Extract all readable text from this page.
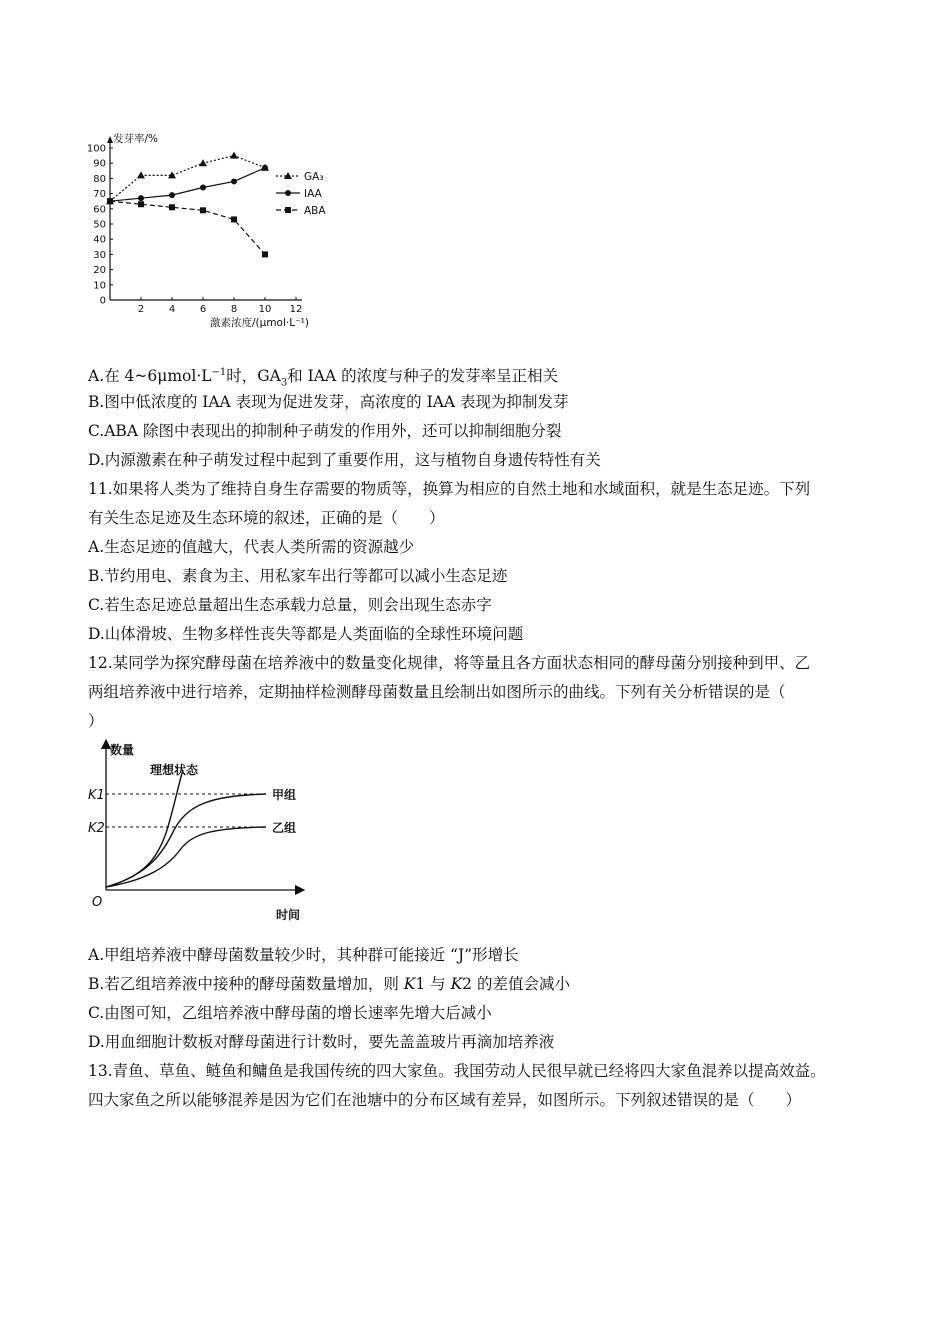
100
90
80
70
60
50
40
30
20
10
0
2 4 6 8 10 12
GA₃
IAA
ABA
发芽率/%
激素浓度/(μmol·L⁻¹)
A.在 $4\sim 6\mu mol\cdot L^{-1}$时，$GA_3$和 IAA 的浓度与种子的发芽率呈正相关
B.图中低浓度的 IAA 表现为促进发芽，高浓度的 IAA 表现为抑制发芽
C.ABA 除图中表现出的抑制种子萌发的作用外，还可以抑制细胞分裂
D.内源激素在种子萌发过程中起到了重要作用，这与植物自身遗传特性有关
11.如果将人类为了维持自身生存需要的物质等，换算为相应的自然土地和水域面积，就是生态足迹。下列
有关生态足迹及生态环境的叙述，正确的是（　　）
A.生态足迹的值越大，代表人类所需的资源越少
B.节约用电、素食为主、用私家车出行等都可以减小生态足迹
C.若生态足迹总量超出生态承载力总量，则会出现生态赤字
D.山体滑坡、生物多样性丧失等都是人类面临的全球性环境问题
12.某同学为探究酵母菌在培养液中的数量变化规律，将等量且各方面状态相同的酵母菌分别接种到甲、乙
两组培养液中进行培养，定期抽样检测酵母菌数量且绘制出如图所示的曲线。下列有关分析错误的是（
）
数量
理想状态
K1
K2
甲组
乙组
O
时间
A.甲组培养液中酵母菌数量较少时，其种群可能接近 “J”形增长
B.若乙组培养液中接种的酵母菌数量增加，则 K1 与 K2 的差值会减小
C.由图可知，乙组培养液中酵母菌的增长速率先增大后减小
D.用血细胞计数板对酵母菌进行计数时，要先盖盖玻片再滴加培养液
13.青鱼、草鱼、鲢鱼和鳙鱼是我国传统的四大家鱼。我国劳动人民很早就已经将四大家鱼混养以提高效益。
四大家鱼之所以能够混养是因为它们在池塘中的分布区域有差异，如图所示。下列叙述错误的是（　　）
